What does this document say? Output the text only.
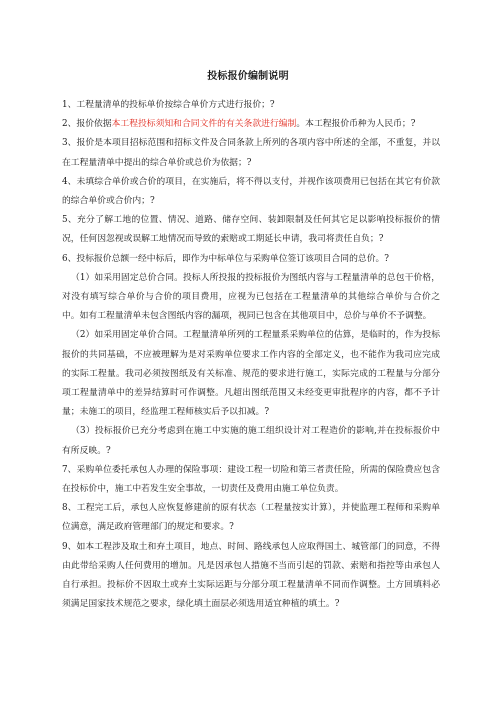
投标报价编制说明

1、工程量清单的投标单价按综合单价方式进行报价；?

2、报价依据本工程投标须知和合同文件的有关条款进行编制。本工程报价币种为人民币；?

3、报价是本项目招标范围和招标文件及合同条款上所列的各项内容中所述的全部，不重复，并以在工程量清单中提出的综合单价或总价为依据；?

4、未填综合单价或合价的项目，在实施后，将不得以支付，并视作该项费用已包括在其它有价款的综合单价或合价内；?

5、充分了解工地的位置、情况、道路、储存空间、装卸限制及任何其它足以影响投标报价的情况，任何因忽视或误解工地情况而导致的索赔或工期延长申请，我司将责任自负；?

6、投标报价总额一经中标后，即作为中标单位与采购单位签订该项目合同的总价。?

（1）如采用固定总价合同。投标人所投报的投标报价为图纸内容与工程量清单的总包干价格，对没有填写综合单价与合价的项目费用，应视为已包括在工程量清单的其他综合单价与合价之中。如有工程量清单未包含图纸内容的漏项，视同已包含在其他项目中，总价与单价不予调整。

（2）如采用固定单价合同。工程量清单所列的工程量系采购单位的估算，是临时的，作为投标报价的共同基础，不应被理解为是对采购单位要求工作内容的全部定义，也不能作为我司应完成的实际工程量。我司必须按图纸及有关标准、规范的要求进行施工，实际完成的工程量与分部分项工程量清单中的差异结算时可作调整。凡超出图纸范围又未经变更审批程序的内容，都不予计量；未施工的项目，经监理工程师核实后予以扣减。?

（3）投标报价已充分考虑到在施工中实施的施工组织设计对工程造价的影响,并在投标报价中有所反映。?

7、采购单位委托承包人办理的保险事项：建设工程一切险和第三者责任险，所需的保险费应包含在投标价中，施工中若发生安全事故，一切责任及费用由施工单位负责。

8、工程完工后，承包人应恢复修建前的原有状态（工程量按实计算），并使监理工程师和采购单位满意，满足政府管理部门的规定和要求。?

9、如本工程涉及取土和弃土项目，地点、时间、路线承包人应取得国土、城管部门的同意，不得由此带给采购人任何费用的增加。凡是因承包人措施不当而引起的罚款、索赔和指控等由承包人自行承担。投标价不因取土或弃土实际运距与分部分项工程量清单不同而作调整。土方回填料必须满足国家技术规范之要求，绿化填土面层必须选用适宜种植的填土。?
